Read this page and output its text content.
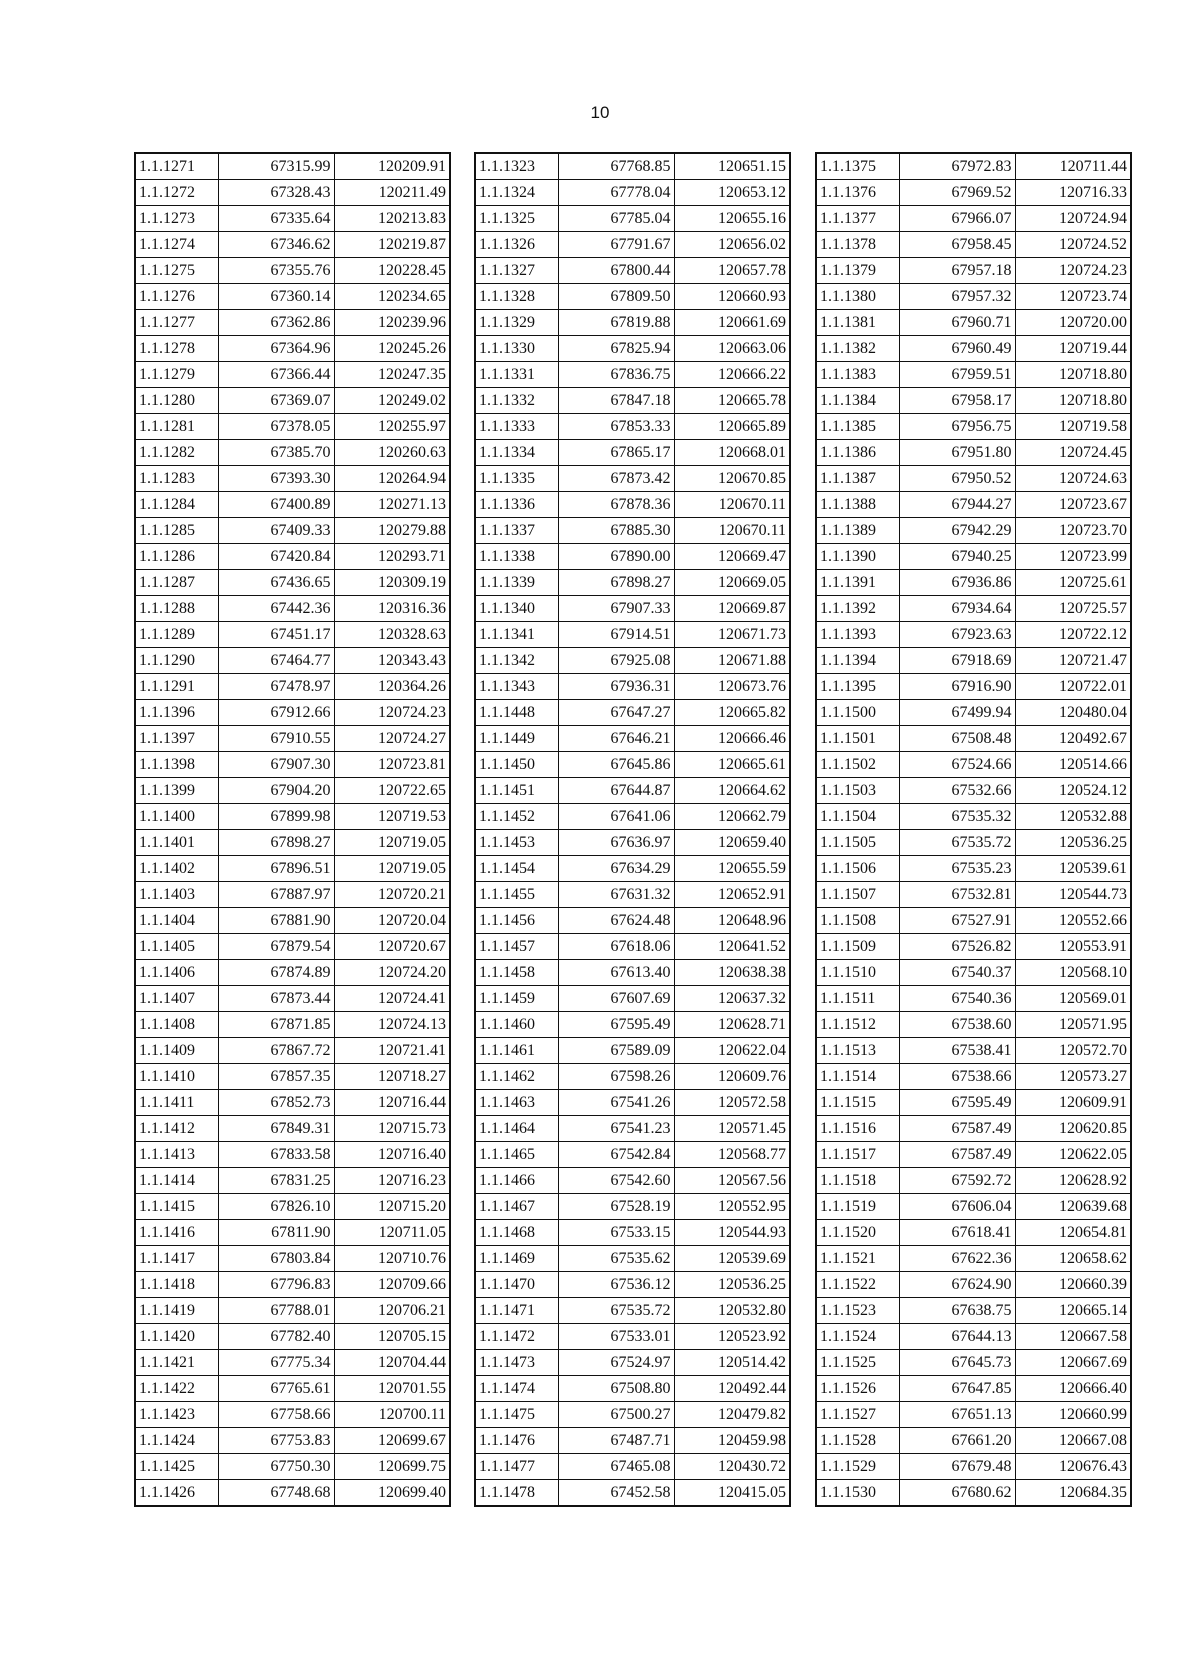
10
1.1.1271	67315.99	120209.91
1.1.1272	67328.43	120211.49
1.1.1273	67335.64	120213.83
1.1.1274	67346.62	120219.87
1.1.1275	67355.76	120228.45
1.1.1276	67360.14	120234.65
1.1.1277	67362.86	120239.96
1.1.1278	67364.96	120245.26
1.1.1279	67366.44	120247.35
1.1.1280	67369.07	120249.02
1.1.1281	67378.05	120255.97
1.1.1282	67385.70	120260.63
1.1.1283	67393.30	120264.94
1.1.1284	67400.89	120271.13
1.1.1285	67409.33	120279.88
1.1.1286	67420.84	120293.71
1.1.1287	67436.65	120309.19
1.1.1288	67442.36	120316.36
1.1.1289	67451.17	120328.63
1.1.1290	67464.77	120343.43
1.1.1291	67478.97	120364.26
1.1.1396	67912.66	120724.23
1.1.1397	67910.55	120724.27
1.1.1398	67907.30	120723.81
1.1.1399	67904.20	120722.65
1.1.1400	67899.98	120719.53
1.1.1401	67898.27	120719.05
1.1.1402	67896.51	120719.05
1.1.1403	67887.97	120720.21
1.1.1404	67881.90	120720.04
1.1.1405	67879.54	120720.67
1.1.1406	67874.89	120724.20
1.1.1407	67873.44	120724.41
1.1.1408	67871.85	120724.13
1.1.1409	67867.72	120721.41
1.1.1410	67857.35	120718.27
1.1.1411	67852.73	120716.44
1.1.1412	67849.31	120715.73
1.1.1413	67833.58	120716.40
1.1.1414	67831.25	120716.23
1.1.1415	67826.10	120715.20
1.1.1416	67811.90	120711.05
1.1.1417	67803.84	120710.76
1.1.1418	67796.83	120709.66
1.1.1419	67788.01	120706.21
1.1.1420	67782.40	120705.15
1.1.1421	67775.34	120704.44
1.1.1422	67765.61	120701.55
1.1.1423	67758.66	120700.11
1.1.1424	67753.83	120699.67
1.1.1425	67750.30	120699.75
1.1.1426	67748.68	120699.40
1.1.1323	67768.85	120651.15
1.1.1324	67778.04	120653.12
1.1.1325	67785.04	120655.16
1.1.1326	67791.67	120656.02
1.1.1327	67800.44	120657.78
1.1.1328	67809.50	120660.93
1.1.1329	67819.88	120661.69
1.1.1330	67825.94	120663.06
1.1.1331	67836.75	120666.22
1.1.1332	67847.18	120665.78
1.1.1333	67853.33	120665.89
1.1.1334	67865.17	120668.01
1.1.1335	67873.42	120670.85
1.1.1336	67878.36	120670.11
1.1.1337	67885.30	120670.11
1.1.1338	67890.00	120669.47
1.1.1339	67898.27	120669.05
1.1.1340	67907.33	120669.87
1.1.1341	67914.51	120671.73
1.1.1342	67925.08	120671.88
1.1.1343	67936.31	120673.76
1.1.1448	67647.27	120665.82
1.1.1449	67646.21	120666.46
1.1.1450	67645.86	120665.61
1.1.1451	67644.87	120664.62
1.1.1452	67641.06	120662.79
1.1.1453	67636.97	120659.40
1.1.1454	67634.29	120655.59
1.1.1455	67631.32	120652.91
1.1.1456	67624.48	120648.96
1.1.1457	67618.06	120641.52
1.1.1458	67613.40	120638.38
1.1.1459	67607.69	120637.32
1.1.1460	67595.49	120628.71
1.1.1461	67589.09	120622.04
1.1.1462	67598.26	120609.76
1.1.1463	67541.26	120572.58
1.1.1464	67541.23	120571.45
1.1.1465	67542.84	120568.77
1.1.1466	67542.60	120567.56
1.1.1467	67528.19	120552.95
1.1.1468	67533.15	120544.93
1.1.1469	67535.62	120539.69
1.1.1470	67536.12	120536.25
1.1.1471	67535.72	120532.80
1.1.1472	67533.01	120523.92
1.1.1473	67524.97	120514.42
1.1.1474	67508.80	120492.44
1.1.1475	67500.27	120479.82
1.1.1476	67487.71	120459.98
1.1.1477	67465.08	120430.72
1.1.1478	67452.58	120415.05
1.1.1375	67972.83	120711.44
1.1.1376	67969.52	120716.33
1.1.1377	67966.07	120724.94
1.1.1378	67958.45	120724.52
1.1.1379	67957.18	120724.23
1.1.1380	67957.32	120723.74
1.1.1381	67960.71	120720.00
1.1.1382	67960.49	120719.44
1.1.1383	67959.51	120718.80
1.1.1384	67958.17	120718.80
1.1.1385	67956.75	120719.58
1.1.1386	67951.80	120724.45
1.1.1387	67950.52	120724.63
1.1.1388	67944.27	120723.67
1.1.1389	67942.29	120723.70
1.1.1390	67940.25	120723.99
1.1.1391	67936.86	120725.61
1.1.1392	67934.64	120725.57
1.1.1393	67923.63	120722.12
1.1.1394	67918.69	120721.47
1.1.1395	67916.90	120722.01
1.1.1500	67499.94	120480.04
1.1.1501	67508.48	120492.67
1.1.1502	67524.66	120514.66
1.1.1503	67532.66	120524.12
1.1.1504	67535.32	120532.88
1.1.1505	67535.72	120536.25
1.1.1506	67535.23	120539.61
1.1.1507	67532.81	120544.73
1.1.1508	67527.91	120552.66
1.1.1509	67526.82	120553.91
1.1.1510	67540.37	120568.10
1.1.1511	67540.36	120569.01
1.1.1512	67538.60	120571.95
1.1.1513	67538.41	120572.70
1.1.1514	67538.66	120573.27
1.1.1515	67595.49	120609.91
1.1.1516	67587.49	120620.85
1.1.1517	67587.49	120622.05
1.1.1518	67592.72	120628.92
1.1.1519	67606.04	120639.68
1.1.1520	67618.41	120654.81
1.1.1521	67622.36	120658.62
1.1.1522	67624.90	120660.39
1.1.1523	67638.75	120665.14
1.1.1524	67644.13	120667.58
1.1.1525	67645.73	120667.69
1.1.1526	67647.85	120666.40
1.1.1527	67651.13	120660.99
1.1.1528	67661.20	120667.08
1.1.1529	67679.48	120676.43
1.1.1530	67680.62	120684.35
